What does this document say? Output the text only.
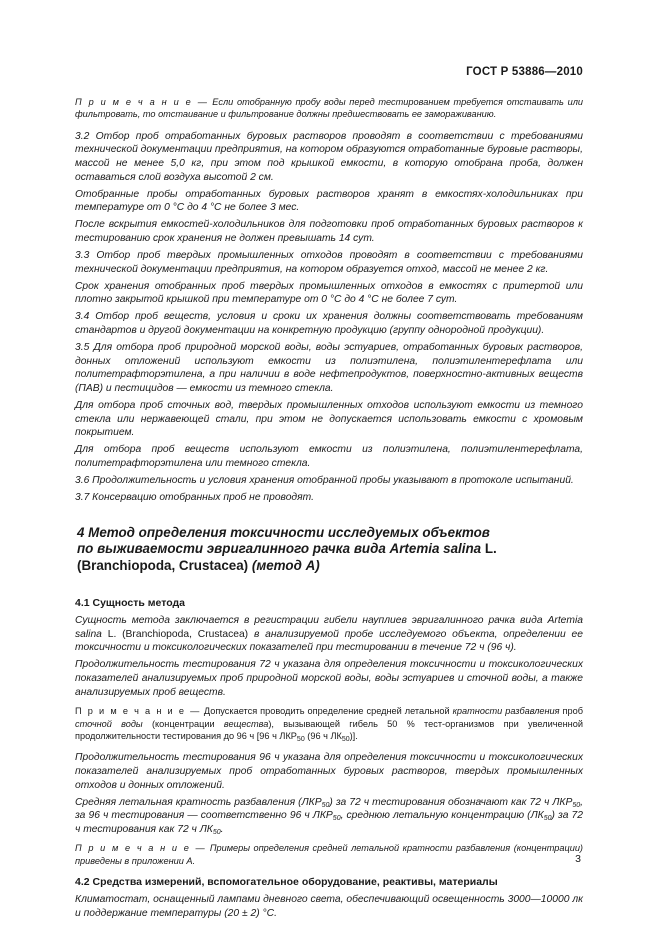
ГОСТ Р 53886—2010

П р и м е ч а н и е — Если отобранную пробу воды перед тестированием требуется отстаивать или фильтровать, то отстаивание и фильтрование должны предшествовать ее замораживанию.

3.2 Отбор проб отработанных буровых растворов проводят в соответствии с требованиями технической документации предприятия, на котором образуются отработанные буровые растворы, массой не менее 5,0 кг, при этом под крышкой емкости, в которую отобрана проба, должен оставаться слой воздуха высотой 2 см.

Отобранные пробы отработанных буровых растворов хранят в емкостях-холодильниках при температуре от 0 °С до 4 °С не более 3 мес.

После вскрытия емкостей-холодильников для подготовки проб отработанных буровых растворов к тестированию срок хранения не должен превышать 14 сут.

3.3 Отбор проб твердых промышленных отходов проводят в соответствии с требованиями технической документации предприятия, на котором образуется отход, массой не менее 2 кг.

Срок хранения отобранных проб твердых промышленных отходов в емкостях с притертой или плотно закрытой крышкой при температуре от 0 °С до 4 °С не более 7 сут.

3.4 Отбор проб веществ, условия и сроки их хранения должны соответствовать требованиям стандартов и другой документации на конкретную продукцию (группу однородной продукции).

3.5 Для отбора проб природной морской воды, воды эстуариев, отработанных буровых растворов, донных отложений используют емкости из полиэтилена, полиэтилентерефлата или политетрафторэтилена, а при наличии в воде нефтепродуктов, поверхностно-активных веществ (ПАВ) и пестицидов — емкости из темного стекла.

Для отбора проб сточных вод, твердых промышленных отходов используют емкости из темного стекла или нержавеющей стали, при этом не допускается использовать емкости с хромовым покрытием.

Для отбора проб веществ используют емкости из полиэтилена, полиэтилентерефлата, политетрафторэтилена или темного стекла.

3.6 Продолжительность и условия хранения отобранной пробы указывают в протоколе испытаний.

3.7 Консервацию отобранных проб не проводят.

4 Метод определения токсичности исследуемых объектов
по выживаемости эвригалинного рачка вида Artemia salina L.
(Branchiopoda, Crustacea) (метод А)
4.1 Сущность метода

Сущность метода заключается в регистрации гибели науплиев эвригалинного рачка вида Artemia salina L. (Branchiopoda, Crustacea) в анализируемой пробе исследуемого объекта, определении ее токсичности и токсикологических показателей при тестировании в течение 72 ч (96 ч).

Продолжительность тестирования 72 ч указана для определения токсичности и токсикологических показателей анализируемых проб природной морской воды, воды эстуариев и сточной воды, а также анализируемых проб веществ.

П р и м е ч а н и е — Допускается проводить определение средней летальной кратности разбавления проб сточной воды (концентрации вещества), вызывающей гибель 50 % тест-организмов при увеличенной продолжительности тестирования до 96 ч [96 ч $ЛКР_{50}$ (96 ч $ЛК_{50}$)].

Продолжительность тестирования 96 ч указана для определения токсичности и токсикологических показателей анализируемых проб отработанных буровых растворов, твердых промышленных отходов и донных отложений.

Средняя летальная кратность разбавления $(ЛКР_{50})$ за 72 ч тестирования обозначают как 72 ч $ЛКР_{50}$, за 96 ч тестирования — соответственно 96 ч $ЛКР_{50}$, среднюю летальную концентрацию $(ЛК_{50})$ за 72 ч тестирования как 72 ч $ЛК_{50}$.

П р и м е ч а н и е — Примеры определения средней летальной кратности разбавления (концентрации) приведены в приложении А.

4.2 Средства измерений, вспомогательное оборудование, реактивы, материалы

Климатостат, оснащенный лампами дневного света, обеспечивающий освещенность 3000—10000 лк и поддержание температуры (20 ± 2) °С.

3
